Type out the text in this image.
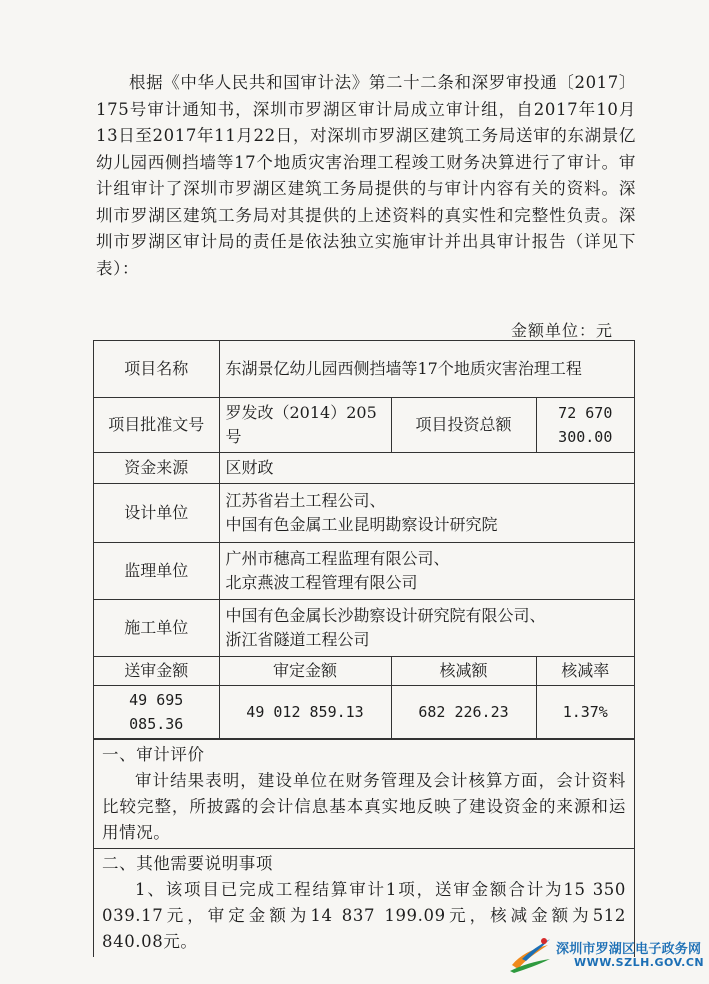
根据《中华人民共和国审计法》第二十二条和深罗审投通〔2017〕175号审计通知书，深圳市罗湖区审计局成立审计组，自2017年10月13日至2017年11月22日，对深圳市罗湖区建筑工务局送审的东湖景亿幼儿园西侧挡墙等17个地质灾害治理工程竣工财务决算进行了审计。审计组审计了深圳市罗湖区建筑工务局提供的与审计内容有关的资料。深圳市罗湖区建筑工务局对其提供的上述资料的真实性和完整性负责。深圳市罗湖区审计局的责任是依法独立实施审计并出具审计报告（详见下表）：
金额单位：元
项目名称	东湖景亿幼儿园西侧挡墙等17个地质灾害治理工程		
项目批准文号	罗发改（2014）205号	项目投资总额	72 670 300.00
资金来源	区财政		
设计单位	江苏省岩土工程公司、
中国有色金属工业昆明勘察设计研究院		

监理单位	广州市穗高工程监理有限公司、
北京燕波工程管理有限公司		

施工单位	中国有色金属长沙勘察设计研究院有限公司、
浙江省隧道工程公司		

送审金额	审定金额	核减额	核减率
49 695 085.36	49 012 859.13	682 226.23	1.37%
一、审计评价
审计结果表明，建设单位在财务管理及会计核算方面，会计资料比较完整，所披露的会计信息基本真实地反映了建设资金的来源和运用情况。
二、其他需要说明事项
1、该项目已完成工程结算审计1项，送审金额合计为15 350 039.17元，审定金额为14 837 199.09元，核减金额为512 840.08元。	深圳市罗湖区电子政务网
WWW.SZLH.GOV.CN
